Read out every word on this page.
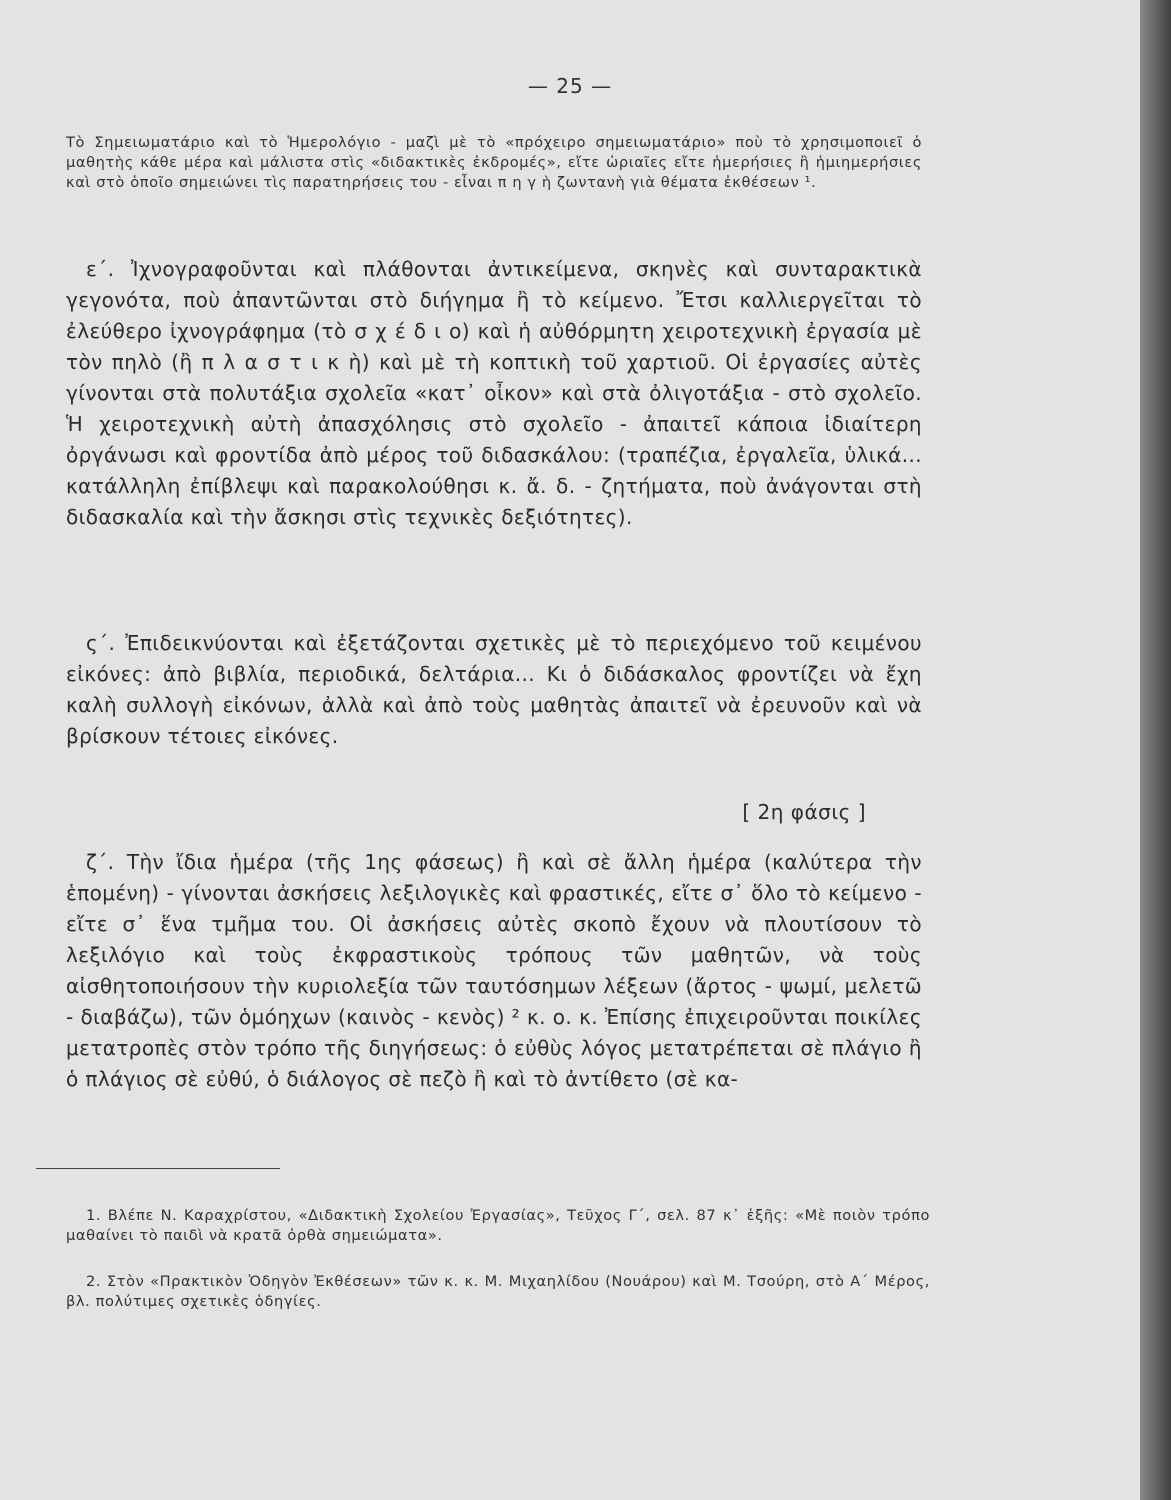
— 25 —
Τὸ Σημειωματάριο καὶ τὸ Ἡμερολόγιο - μαζὶ μὲ τὸ «πρόχειρο σημειωματάριο» ποὺ τὸ χρησιμοποιεῖ ὁ μαθητὴς κάθε μέρα καὶ μάλιστα στὶς «διδακτικὲς ἐκδρομές», εἴτε ὡριαῖες εἴτε ἡμερήσιες ἢ ἡμιημερήσιες καὶ στὸ ὁποῖο σημειώνει τὶς παρατηρήσεις του - εἶναι π η γ ὴ ζωντανὴ γιὰ θέματα ἐκθέσεων ¹.

ε΄. Ἰχνογραφοῦνται καὶ πλάθονται ἀντικείμενα, σκηνὲς καὶ συνταρακτικὰ γεγονότα, ποὺ ἀπαντῶνται στὸ διήγημα ἢ τὸ κείμενο. Ἔτσι καλλιεργεῖται τὸ ἐλεύθερο ἰχνογράφημα (τὸ σ χ έ δ ι ο) καὶ ἡ αὐθόρμητη χειροτεχνικὴ ἐργασία μὲ τὸν πηλὸ (ἢ π λ α σ τ ι κ ὴ) καὶ μὲ τὴ κοπτικὴ τοῦ χαρτιοῦ. Οἱ ἐργασίες αὐτὲς γίνονται στὰ πολυτάξια σχολεῖα «κατ᾽ οἶκον» καὶ στὰ ὀλιγοτάξια - στὸ σχολεῖο. Ἡ χειροτεχνικὴ αὐτὴ ἀπασχόλησις στὸ σχολεῖο - ἀπαιτεῖ κάποια ἰδιαίτερη ὀργάνωσι καὶ φροντίδα ἀπὸ μέρος τοῦ διδασκάλου: (τραπέζια, ἐργαλεῖα, ὑλικά... κατάλληλη ἐπίβλεψι καὶ παρακολούθησι κ. ἄ. δ. - ζητήματα, ποὺ ἀνάγονται στὴ διδασκαλία καὶ τὴν ἄσκησι στὶς τεχνικὲς δεξιότητες).

ς΄. Ἐπιδεικνύονται καὶ ἐξετάζονται σχετικὲς μὲ τὸ περιεχόμενο τοῦ κειμένου εἰκόνες: ἀπὸ βιβλία, περιοδικά, δελτάρια... Κι ὁ διδάσκαλος φροντίζει νὰ ἔχη καλὴ συλλογὴ εἰκόνων, ἀλλὰ καὶ ἀπὸ τοὺς μαθητὰς ἀπαιτεῖ νὰ ἐρευνοῦν καὶ νὰ βρίσκουν τέτοιες εἰκόνες.

[ 2η φάσις ]

ζ΄. Τὴν ἴδια ἡμέρα (τῆς 1ης φάσεως) ἢ καὶ σὲ ἄλλη ἡμέρα (καλύτερα τὴν ἑπομένη) - γίνονται ἀσκήσεις λεξιλογικὲς καὶ φραστικές, εἴτε σ᾽ ὅλο τὸ κείμενο - εἴτε σ᾽ ἕνα τμῆμα του. Οἱ ἀσκήσεις αὐτὲς σκοπὸ ἔχουν νὰ πλουτίσουν τὸ λεξιλόγιο καὶ τοὺς ἐκφραστικοὺς τρόπους τῶν μαθητῶν, νὰ τοὺς αἰσθητοποιήσουν τὴν κυριολεξία τῶν ταυτόσημων λέξεων (ἄρτος - ψωμί, μελετῶ - διαβάζω), τῶν ὁμόηχων (καινὸς - κενὸς) ² κ. ο. κ. Ἐπίσης ἐπιχειροῦνται ποικίλες μετατροπὲς στὸν τρόπο τῆς διηγήσεως: ὁ εὐθὺς λόγος μετατρέπεται σὲ πλάγιο ἢ ὁ πλάγιος σὲ εὐθύ, ὁ διάλογος σὲ πεζὸ ἢ καὶ τὸ ἀντίθετο (σὲ κα-

1. Βλέπε Ν. Καραχρίστου, «Διδακτικὴ Σχολείου Ἐργασίας», Τεῦχος Γ΄, σελ. 87 κ᾽ ἑξῆς: «Μὲ ποιὸν τρόπο μαθαίνει τὸ παιδὶ νὰ κρατᾶ ὀρθὰ σημειώματα».

2. Στὸν «Πρακτικὸν Ὁδηγὸν Ἐκθέσεων» τῶν κ. κ. Μ. Μιχαηλίδου (Νουάρου) καὶ Μ. Τσούρη, στὸ Α΄ Μέρος, βλ. πολύτιμες σχετικὲς ὁδηγίες.
